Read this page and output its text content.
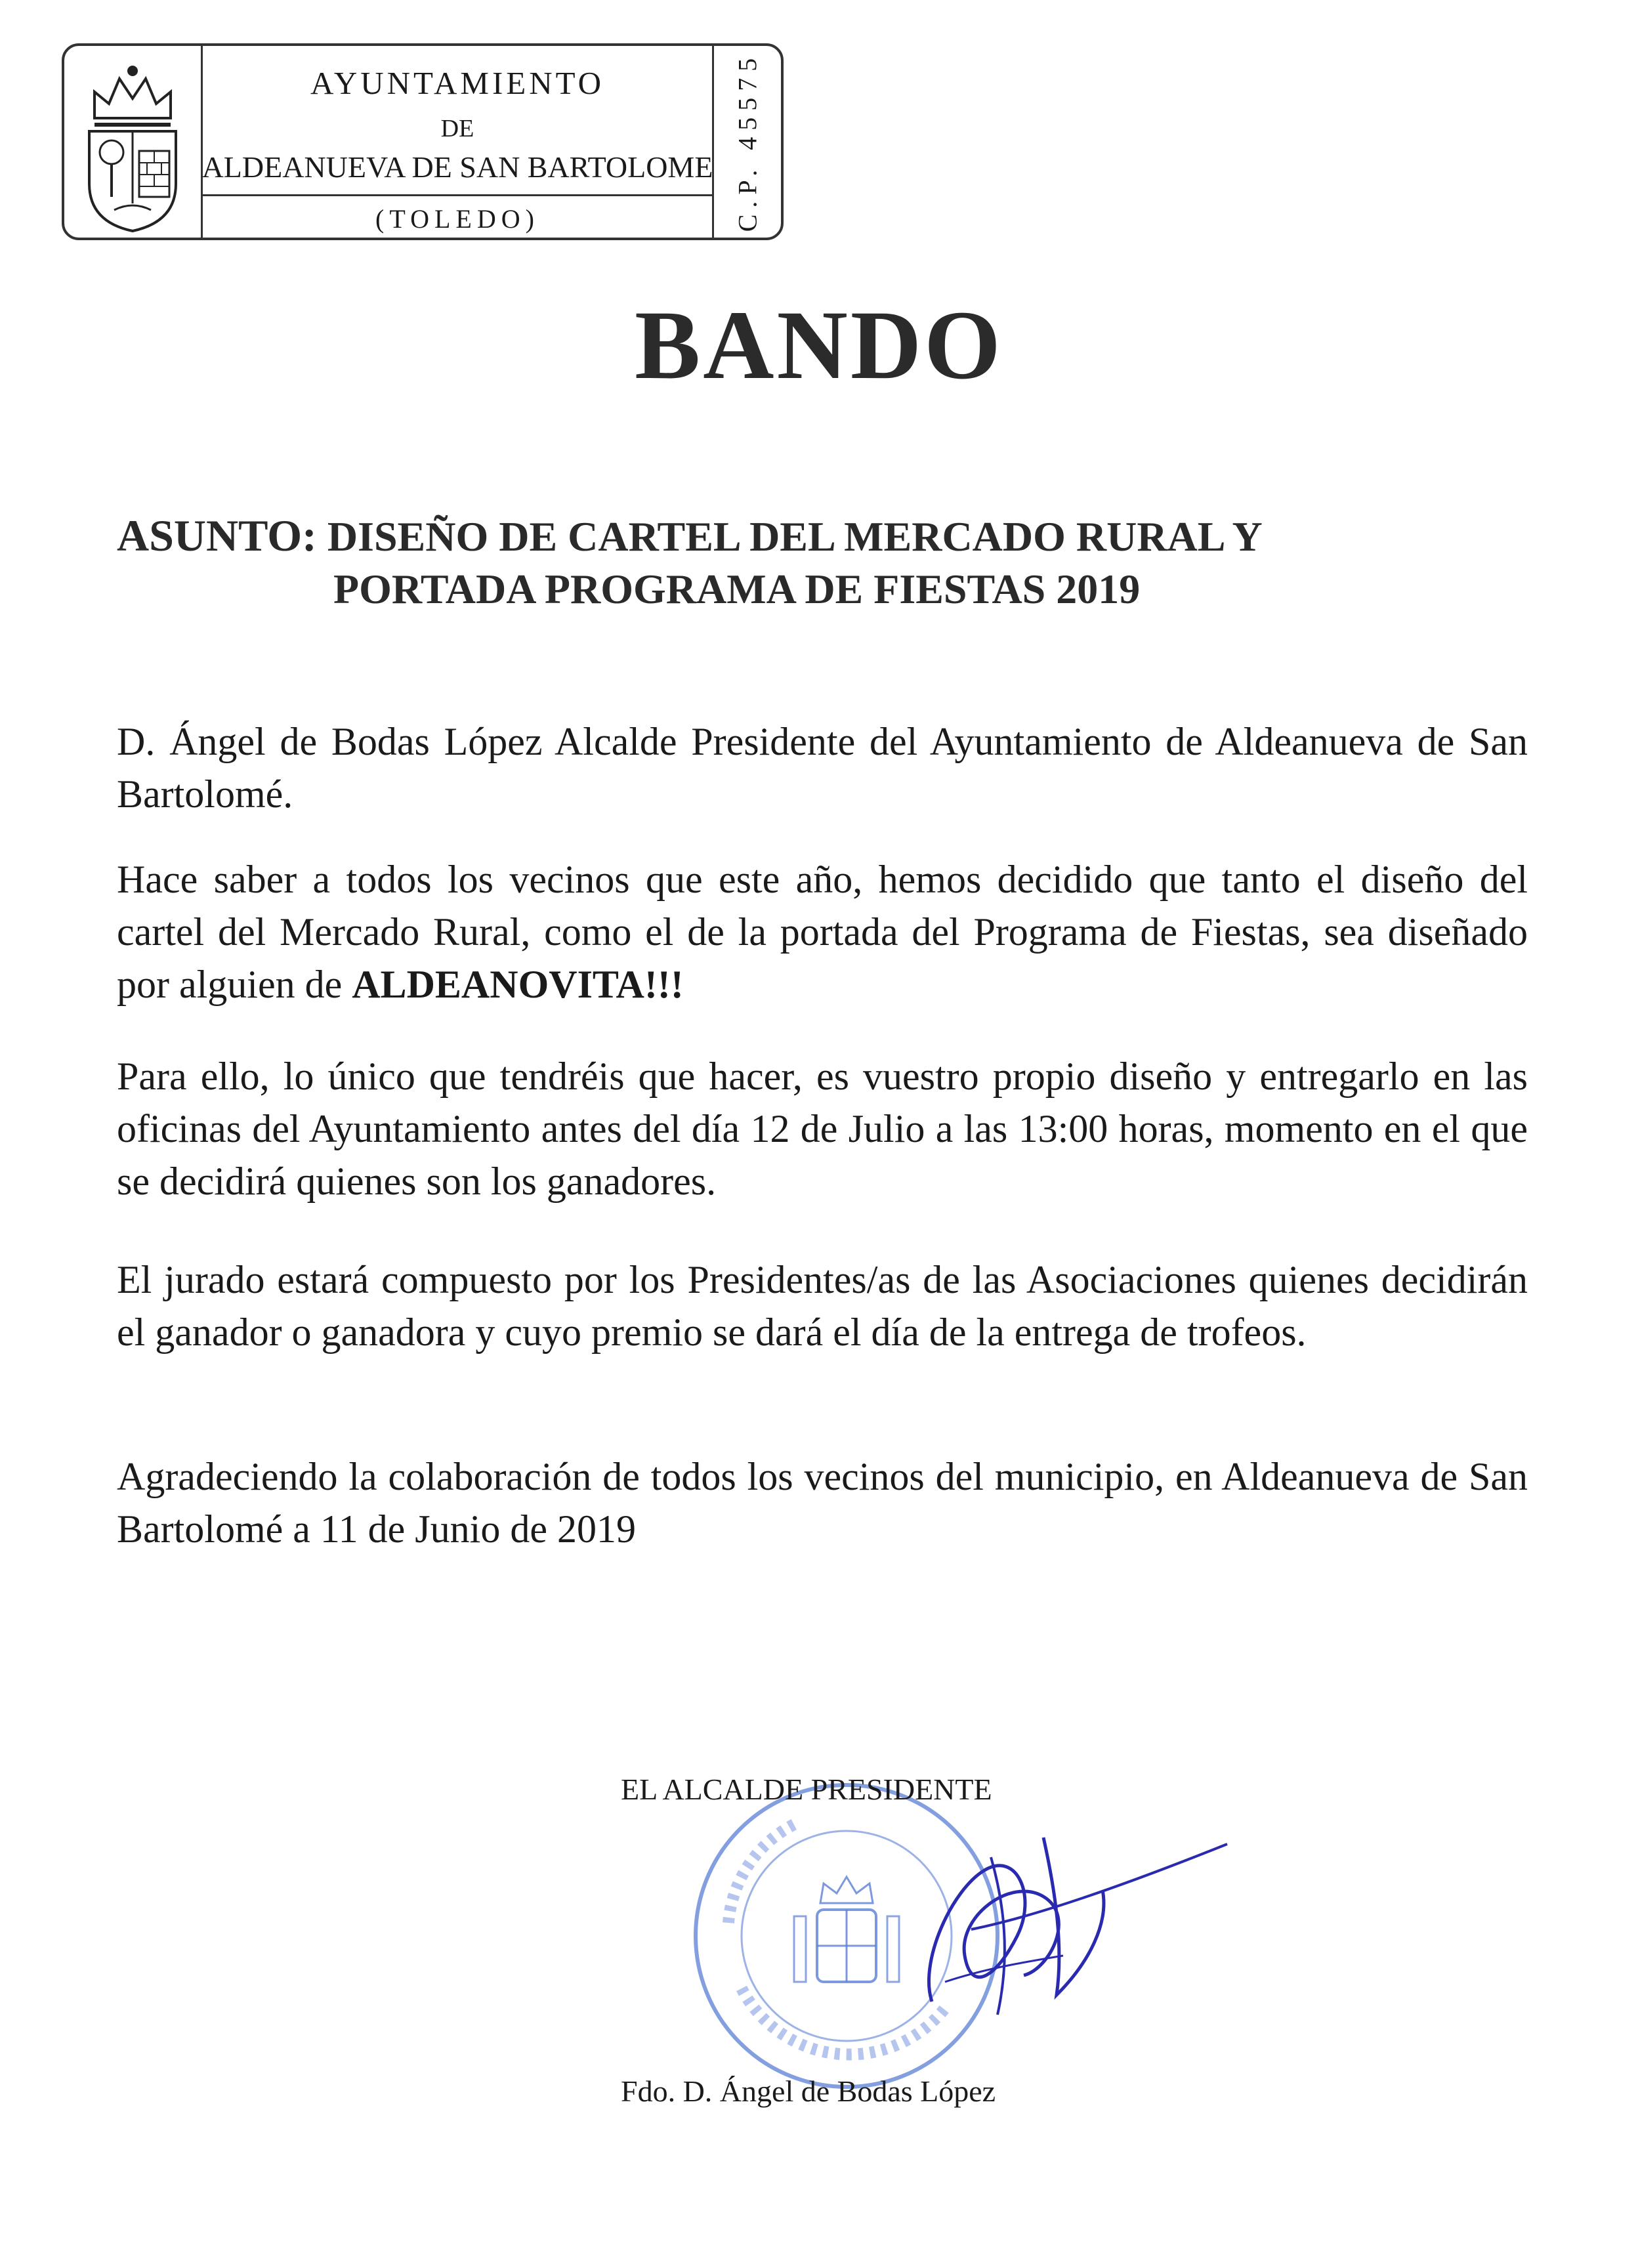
AYUNTAMIENTO
DE
ALDEANUEVA DE SAN BARTOLOME
(TOLEDO)	C.P. 45575
BANDO
ASUNTO: DISEÑO DE CARTEL DEL MERCADO RURAL Y
PORTADA PROGRAMA DE FIESTAS 2019
D. Ángel de Bodas López Alcalde Presidente del Ayuntamiento de Aldeanueva de San Bartolomé.
Hace saber a todos los vecinos que este año, hemos decidido que tanto el diseño del cartel del Mercado Rural, como el de la portada del Programa de Fiestas, sea diseñado por alguien de ALDEANOVITA!!!
Para ello, lo único que tendréis que hacer, es vuestro propio diseño y entregarlo en las oficinas del Ayuntamiento antes del día 12 de Julio a las 13:00 horas, momento en el que se decidirá quienes son los ganadores.
El jurado estará compuesto por los Presidentes/as de las Asociaciones quienes decidirán el ganador o ganadora y cuyo premio se dará el día de la entrega de trofeos.
Agradeciendo la colaboración de todos los vecinos del municipio, en Aldeanueva de San Bartolomé a 11 de Junio de 2019
EL ALCALDE PRESIDENTE
Fdo. D. Ángel de Bodas López
